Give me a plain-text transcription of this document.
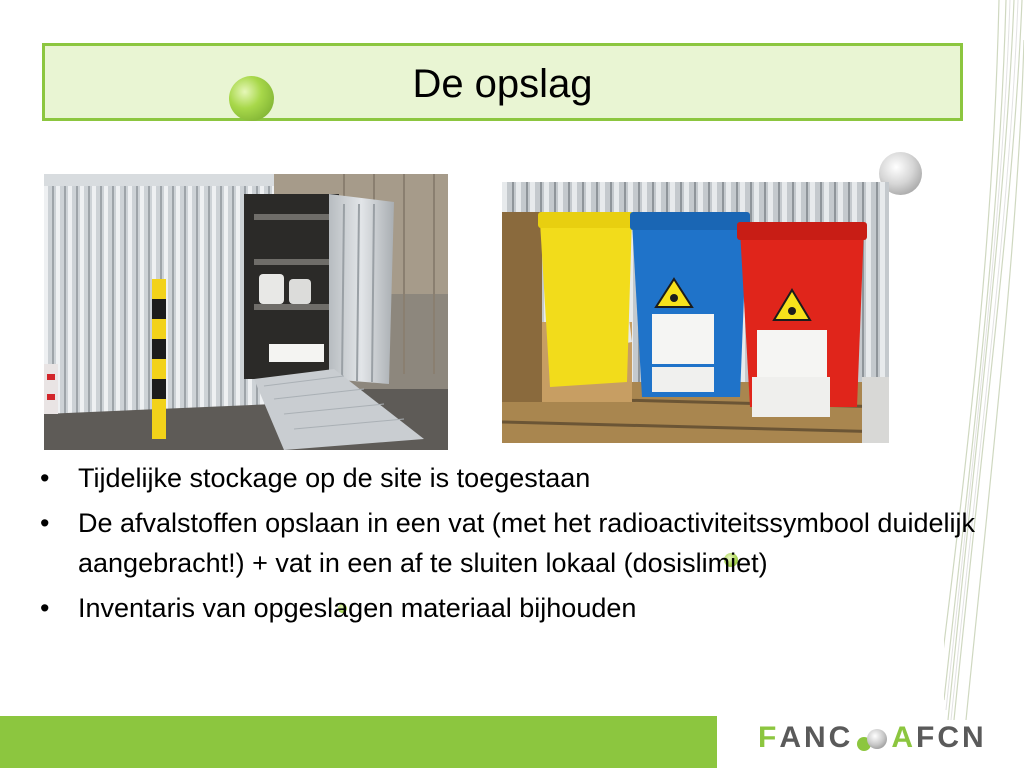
De opslag
•	Tijdelijke stockage op de site is toegestaan
•	De afvalstoffen opslaan in een vat (met het radioactiviteitssymbool duidelijk aangebracht!) + vat in een af te sluiten lokaal (dosislimiet)
•	Inventaris van opgeslagen materiaal bijhouden
F ANC A FCN
